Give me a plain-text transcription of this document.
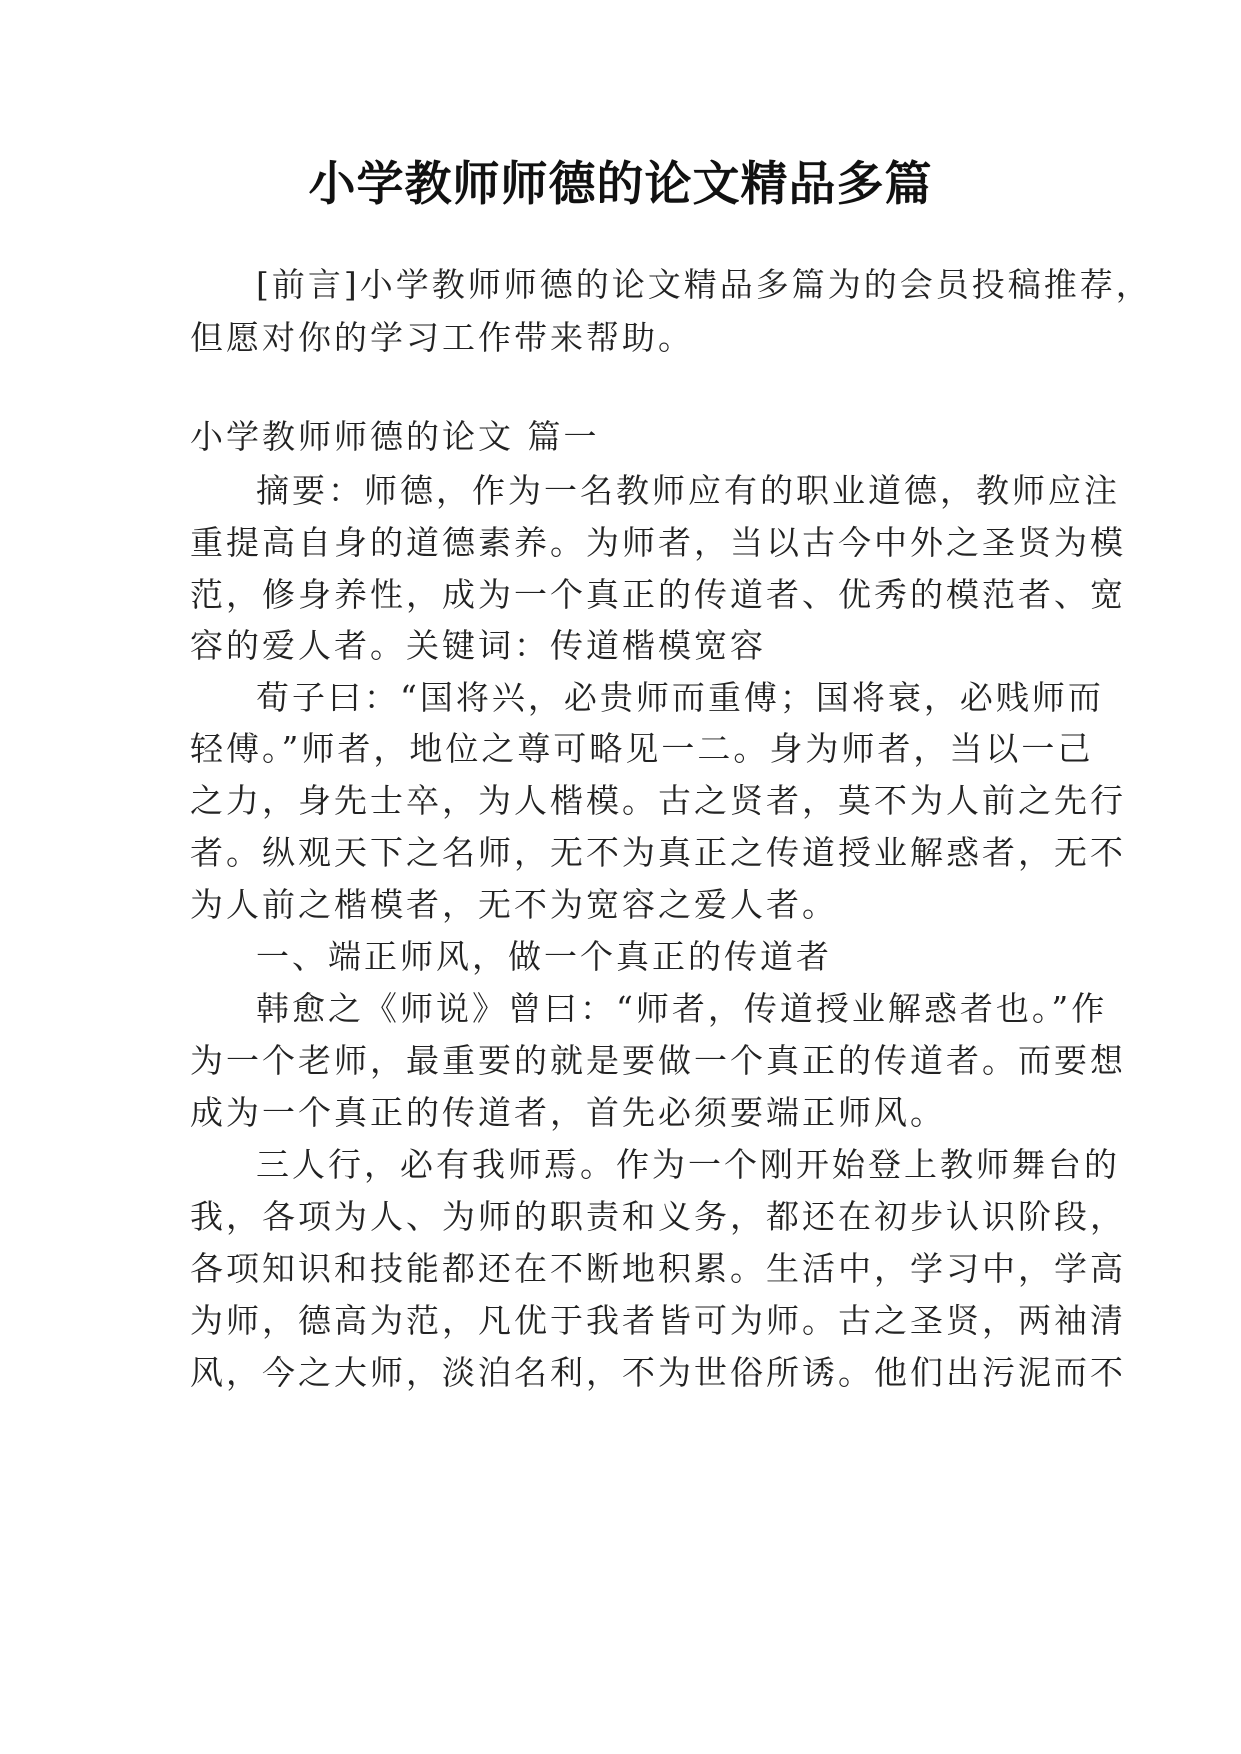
小学教师师德的论文精品多篇
[前言]小学教师师德的论文精品多篇为的会员投稿推荐，
但愿对你的学习工作带来帮助。
小学教师师德的论文 篇一
摘要：师德，作为一名教师应有的职业道德，教师应注
重提高自身的道德素养。为师者，当以古今中外之圣贤为模
范，修身养性，成为一个真正的传道者、优秀的模范者、宽
容的爱人者。关键词：传道楷模宽容
荀子曰：“国将兴，必贵师而重傅；国将衰，必贱师而
轻傅。”师者，地位之尊可略见一二。身为师者，当以一己
之力，身先士卒，为人楷模。古之贤者，莫不为人前之先行
者。纵观天下之名师，无不为真正之传道授业解惑者，无不
为人前之楷模者，无不为宽容之爱人者。
一、端正师风，做一个真正的传道者
韩愈之《师说》曾曰：“师者，传道授业解惑者也。”作
为一个老师，最重要的就是要做一个真正的传道者。而要想
成为一个真正的传道者，首先必须要端正师风。
三人行，必有我师焉。作为一个刚开始登上教师舞台的
我，各项为人、为师的职责和义务，都还在初步认识阶段，
各项知识和技能都还在不断地积累。生活中，学习中，学高
为师，德高为范，凡优于我者皆可为师。古之圣贤，两袖清
风，今之大师，淡泊名利，不为世俗所诱。他们出污泥而不
